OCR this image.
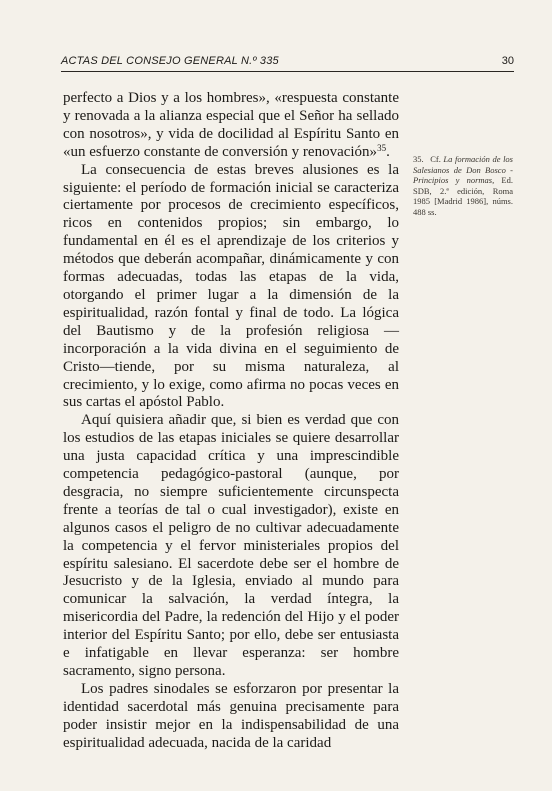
ACTAS DEL CONSEJO GENERAL N.º 335	30

perfecto a Dios y a los hombres», «respuesta constante y renovada a la alianza especial que el Señor ha sellado con nosotros», y vida de docilidad al Espíritu Santo en «un esfuerzo constante de conversión y renovación»$^{35}$.

La consecuencia de estas breves alusiones es la siguiente: el período de formación inicial se caracteriza ciertamente por procesos de crecimiento específicos, ricos en contenidos propios; sin embargo, lo fundamental en él es el aprendizaje de los criterios y métodos que deberán acompañar, dinámicamente y con formas adecuadas, todas las etapas de la vida, otorgando el primer lugar a la dimensión de la espiritualidad, razón fontal y final de todo. La lógica del Bautismo y de la profesión religiosa —incorporación a la vida divina en el seguimiento de Cristo—tiende, por su misma naturaleza, al crecimiento, y lo exige, como afirma no pocas veces en sus cartas el apóstol Pablo.

Aquí quisiera añadir que, si bien es verdad que con los estudios de las etapas iniciales se quiere desarrollar una justa capacidad crítica y una imprescindible competencia pedagógico-pastoral (aunque, por desgracia, no siempre suficientemente circunspecta frente a teorías de tal o cual investigador), existe en algunos casos el peligro de no cultivar adecuadamente la competencia y el fervor ministeriales propios del espíritu salesiano. El sacerdote debe ser el hombre de Jesucristo y de la Iglesia, enviado al mundo para comunicar la salvación, la verdad íntegra, la misericordia del Padre, la redención del Hijo y el poder interior del Espíritu Santo; por ello, debe ser entusiasta e infatigable en llevar esperanza: ser hombre sacramento, signo persona.

Los padres sinodales se esforzaron por presentar la identidad sacerdotal más genuina precisamente para poder insistir mejor en la indispensabilidad de una espiritualidad adecuada, nacida de la caridad

35. Cf. La formación de los Salesianos de Don Bosco - Principios y normas, Ed. SDB, 2.ª edición, Roma 1985 [Madrid 1986], núms. 488 ss.
